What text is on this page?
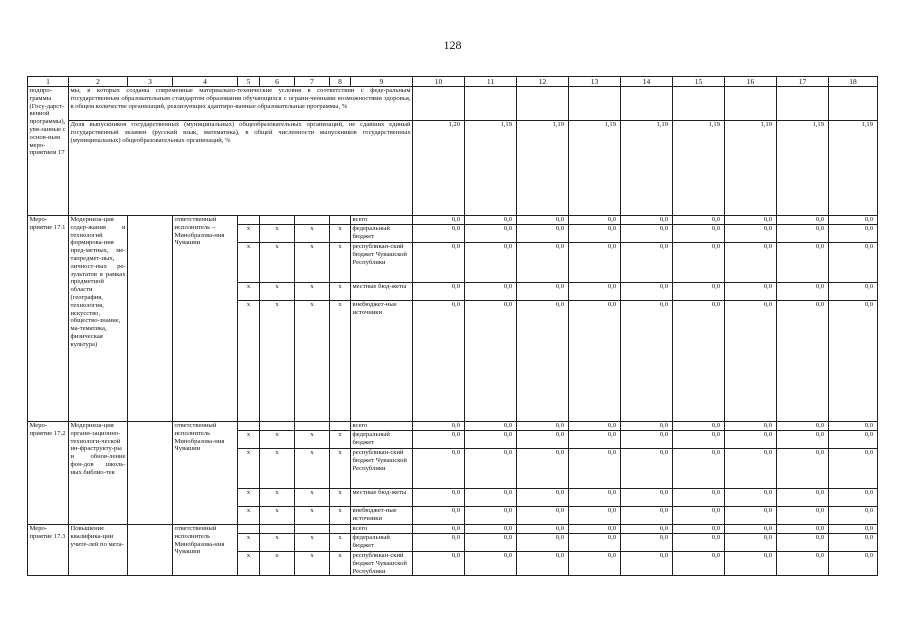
128
1	2	3	4	5	6	7	8	9	10	11	12	13	14	15	16	17	18
подпро-граммы (Госу-дарст-венной программы), увя-занные с основ-ным меро-приятием 17	мы, в которых созданы современные материально-технические условия в соответствии с феде-ральным государственным образовательным стандартом образования обучающихся с ограни-ченными возможностями здоровья, в общем количестве организаций, реализующих адаптиро-ванные образовательные программы, %																
	Доля выпускников государственных (муниципальных) общеобразовательных организаций, не сдавших единый государственный экзамен (русский язык, математика), в общей численности выпускников государственных (муниципальных) общеобразовательных организаций, %								1,20	1,19	1,19	1,19	1,19	1,19	1,19	1,19	1,19
Меро-приятие 17.1	Модерниза-ция содер-жания и технологий формирова-ния пред-метных, ме-тапредмет-ных, личност-ных ре-зультатов в рамках предметной области (география, технология, искусство, общество-знание, ма-тематика, физическая культура)		ответственный исполнитель – Минобразова-ния Чувашии					всего	0,0	0,0	0,0	0,0	0,0	0,0	0,0	0,0	0,0
				x	x	x	x	федеральный бюджет	0,0	0,0	0,0	0,0	0,0	0,0	0,0	0,0	0,0
				x	x	x	x	республикан-ский бюджет Чувашской Республики	0,0	0,0	0,0	0,0	0,0	0,0	0,0	0,0	0,0
				x	x	x	x	местные бюд-жеты	0,0	0,0	0,0	0,0	0,0	0,0	0,0	0,0	0,0
				x	x	x	x	внебюджет-ные источники	0,0	0,0	0,0	0,0	0,0	0,0	0,0	0,0	0,0
Меро-приятие 17.2	Модерниза-ция органи-зационно-технологи-ческой ин-фраструкту-ры и обнов-ление фон-дов школь-ных библио-тек		ответственный исполнитель Минобразова-ния Чувашии					всего	0,0	0,0	0,0	0,0	0,0	0,0	0,0	0,0	0,0
				x	x	x	x	федеральный бюджет	0,0	0,0	0,0	0,0	0,0	0,0	0,0	0,0	0,0
				x	x	x	x	республикан-ский бюджет Чувашской Республики	0,0	0,0	0,0	0,0	0,0	0,0	0,0	0,0	0,0
				x	x	x	x	местные бюд-жеты	0,0	0,0	0,0	0,0	0,0	0,0	0,0	0,0	0,0
				x	x	x	x	внебюджет-ные источники	0,0	0,0	0,0	0,0	0,0	0,0	0,0	0,0	0,0
Меро-приятие 17.3	Повышение квалифика-ции учите-лей по мета-		ответственный исполнитель Минобразова-ния Чувашии					всего	0,0	0,0	0,0	0,0	0,0	0,0	0,0	0,0	0,0
				x	x	x	x	федеральный бюджет	0,0	0,0	0,0	0,0	0,0	0,0	0,0	0,0	0,0
				x	x	x	x	республикан-ский бюджет Чувашской Республики	0,0	0,0	0,0	0,0	0,0	0,0	0,0	0,0	0,0
